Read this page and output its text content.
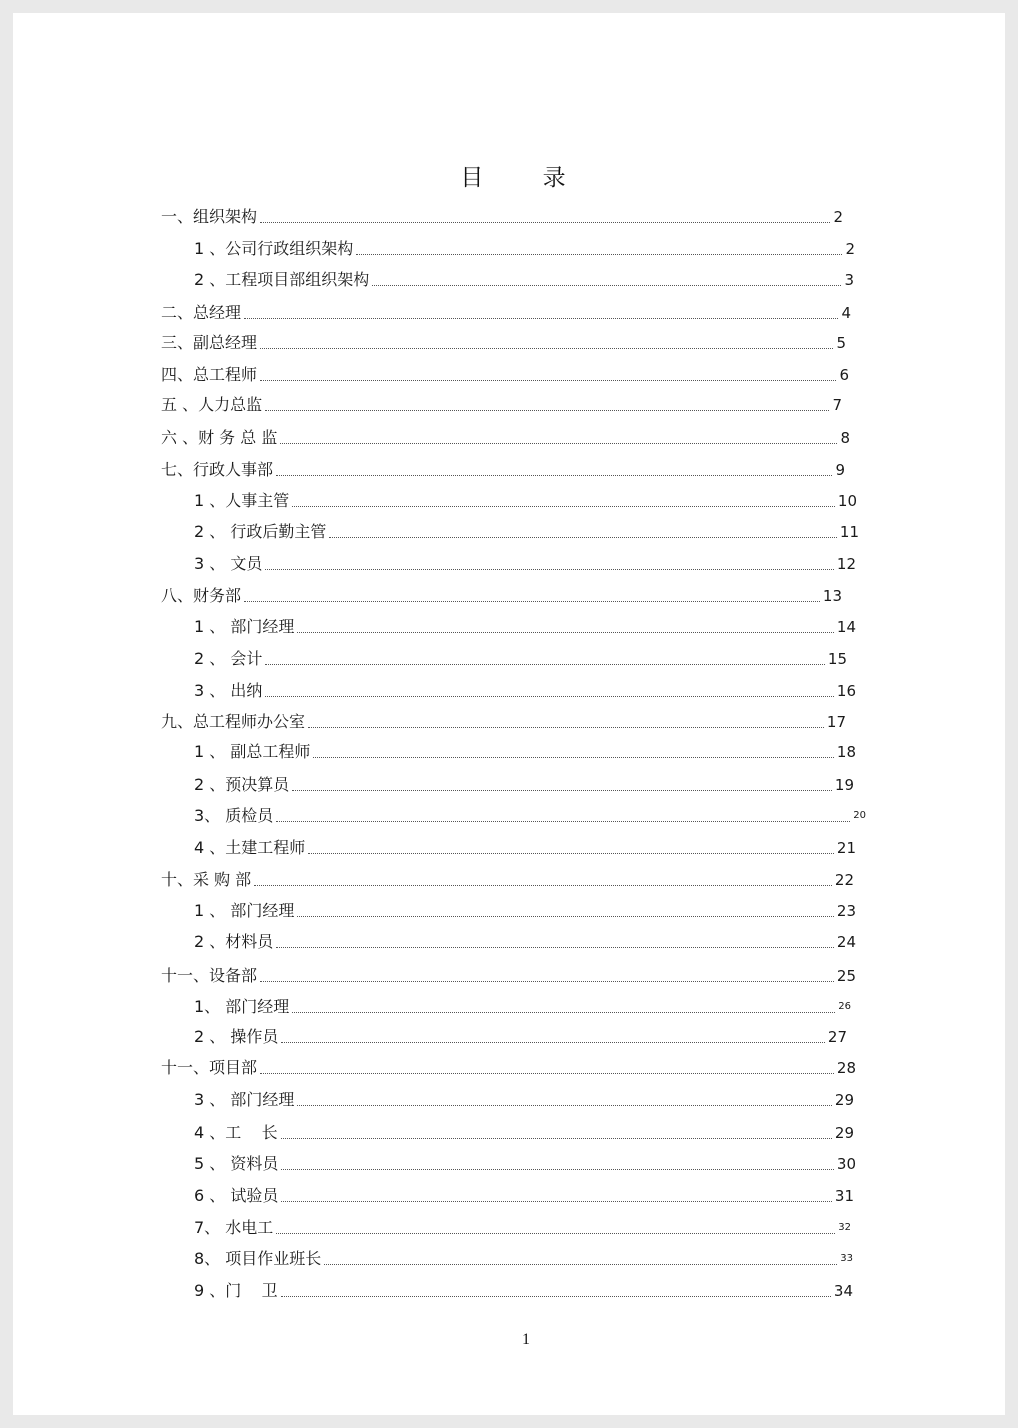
目 录
一、组织架构	2
1 、公司行政组织架构	2
2 、工程项目部组织架构	3
二、总经理	4
三、副总经理	5
四、总工程师	6
五 、人力总监	7
六 、财 务 总 监	8
七、行政人事部	9
1 、人事主管	10
2 、 行政后勤主管	11
3 、 文员	12
八、财务部	13
1 、 部门经理	14
2 、 会计	15
3 、 出纳	16
九、总工程师办公室	17
1 、 副总工程师	18
2 、预决算员	19
3、 质检员	20
4 、土建工程师	21
十、采 购 部	22
1 、 部门经理	23
2 、材料员	24
十一、设备部	25
1、 部门经理	26
2 、 操作员	27
十一、项目部	28
3 、 部门经理	29
4 、工    长	29
5 、 资料员	30
6 、 试验员	31
7、 水电工	32
8、 项目作业班长	33
9 、门    卫	34
1
